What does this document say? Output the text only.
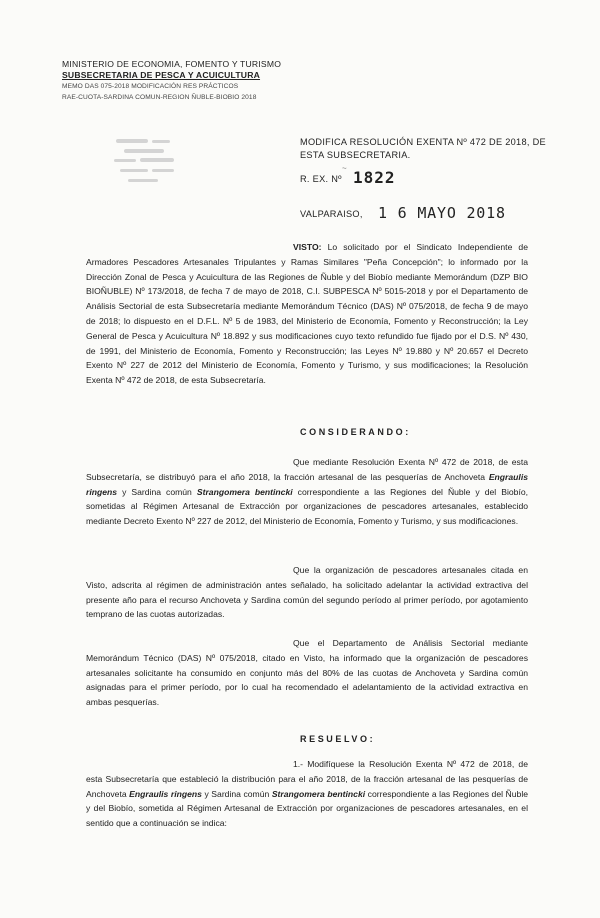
MINISTERIO DE ECONOMIA, FOMENTO Y TURISMO
SUBSECRETARIA DE PESCA Y ACUICULTURA
MEMO DAS 075-2018 MODIFICACIÓN RES PRÁCTICOS
RAE-CUOTA-SARDINA COMUN-REGION ÑUBLE-BIOBIO 2018
MODIFICA RESOLUCIÓN EXENTA Nº 472 DE 2018, DE ESTA SUBSECRETARIA.
R. EX. Nº
~ 1822
VALPARAISO, 1 6 MAYO 2018
VISTO: Lo solicitado por el Sindicato Independiente de Armadores Pescadores Artesanales Tripulantes y Ramas Similares "Peña Concepción"; lo informado por la Dirección Zonal de Pesca y Acuicultura de las Regiones de Ñuble y del Biobío mediante Memorándum (DZP BIO BIOÑUBLE) Nº 173/2018, de fecha 7 de mayo de 2018, C.I. SUBPESCA Nº 5015-2018 y por el Departamento de Análisis Sectorial de esta Subsecretaría mediante Memorándum Técnico (DAS) Nº 075/2018, de fecha 9 de mayo de 2018; lo dispuesto en el D.F.L. Nº 5 de 1983, del Ministerio de Economía, Fomento y Reconstrucción; la Ley General de Pesca y Acuicultura Nº 18.892 y sus modificaciones cuyo texto refundido fue fijado por el D.S. Nº 430, de 1991, del Ministerio de Economía, Fomento y Reconstrucción; las Leyes Nº 19.880 y Nº 20.657 el Decreto Exento Nº 227 de 2012 del Ministerio de Economía, Fomento y Turismo, y sus modificaciones; la Resolución Exenta Nº 472 de 2018, de esta Subsecretaría.
CONSIDERANDO:
Que mediante Resolución Exenta Nº 472 de 2018, de esta Subsecretaría, se distribuyó para el año 2018, la fracción artesanal de las pesquerías de Anchoveta Engraulis ringens y Sardina común Strangomera bentincki correspondiente a las Regiones del Ñuble y del Biobío, sometidas al Régimen Artesanal de Extracción por organizaciones de pescadores artesanales, establecido mediante Decreto Exento Nº 227 de 2012, del Ministerio de Economía, Fomento y Turismo, y sus modificaciones.
Que la organización de pescadores artesanales citada en Visto, adscrita al régimen de administración antes señalado, ha solicitado adelantar la actividad extractiva del presente año para el recurso Anchoveta y Sardina común del segundo período al primer período, por agotamiento temprano de las cuotas autorizadas.
Que el Departamento de Análisis Sectorial mediante Memorándum Técnico (DAS) Nº 075/2018, citado en Visto, ha informado que la organización de pescadores artesanales solicitante ha consumido en conjunto más del 80% de las cuotas de Anchoveta y Sardina común asignadas para el primer período, por lo cual ha recomendado el adelantamiento de la actividad extractiva en ambas pesquerías.
RESUELVO:
1.- Modifíquese la Resolución Exenta Nº 472 de 2018, de esta Subsecretaría que estableció la distribución para el año 2018, de la fracción artesanal de las pesquerías de Anchoveta Engraulis ringens y Sardina común Strangomera bentincki correspondiente a las Regiones del Ñuble y del Biobío, sometida al Régimen Artesanal de Extracción por organizaciones de pescadores artesanales, en el sentido que a continuación se indica:
